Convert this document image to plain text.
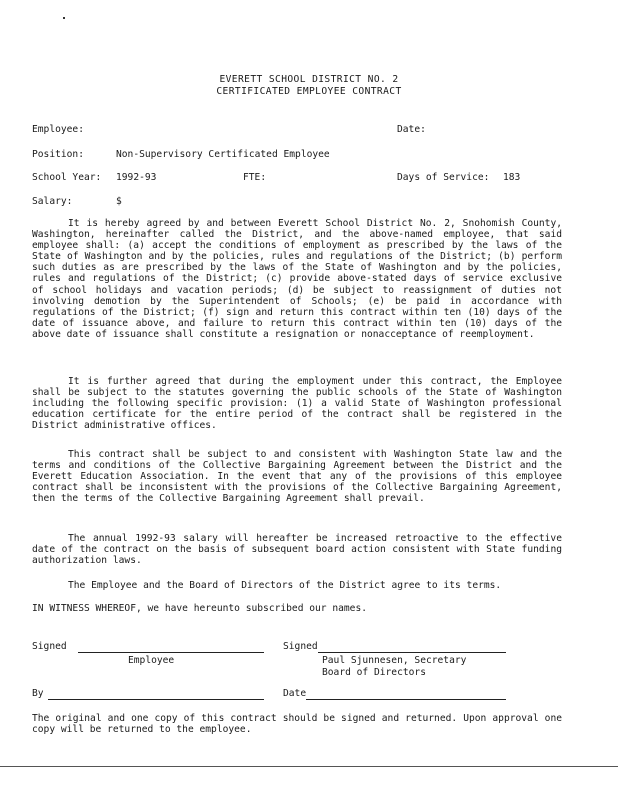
EVERETT SCHOOL DISTRICT NO. 2
CERTIFICATED EMPLOYEE CONTRACT
Employee:	Date:
Position:	Non-Supervisory Certificated Employee
School Year: 1992-93	FTE:	Days of Service: 183
Salary:	$
It is hereby agreed by and between Everett School District No. 2, Snohomish County, Washington, hereinafter called the District, and the above-named employee, that said employee shall: (a) accept the conditions of employment as prescribed by the laws of the State of Washington and by the policies, rules and regulations of the District; (b) perform such duties as are prescribed by the laws of the State of Washington and by the policies, rules and regulations of the District; (c) provide above-stated days of service exclusive of school holidays and vacation periods; (d) be subject to reassignment of duties not involving demotion by the Superintendent of Schools; (e) be paid in accordance with regulations of the District; (f) sign and return this contract within ten (10) days of the date of issuance above, and failure to return this contract within ten (10) days of the above date of issuance shall constitute a resignation or nonacceptance of reemployment.
It is further agreed that during the employment under this contract, the Employee shall be subject to the statutes governing the public schools of the State of Washington including the following specific provision: (1) a valid State of Washington professional education certificate for the entire period of the contract shall be registered in the District administrative offices.
This contract shall be subject to and consistent with Washington State law and the terms and conditions of the Collective Bargaining Agreement between the District and the Everett Education Association. In the event that any of the provisions of this employee contract shall be inconsistent with the provisions of the Collective Bargaining Agreement, then the terms of the Collective Bargaining Agreement shall prevail.
The annual 1992-93 salary will hereafter be increased retroactive to the effective date of the contract on the basis of subsequent board action consistent with State funding authorization laws.
The Employee and the Board of Directors of the District agree to its terms.
IN WITNESS WHEREOF, we have hereunto subscribed our names.
Signed
Employee
Signed
Paul Sjunnesen, Secretary
Board of Directors
By	Date
The original and one copy of this contract should be signed and returned. Upon approval one copy will be returned to the employee.
